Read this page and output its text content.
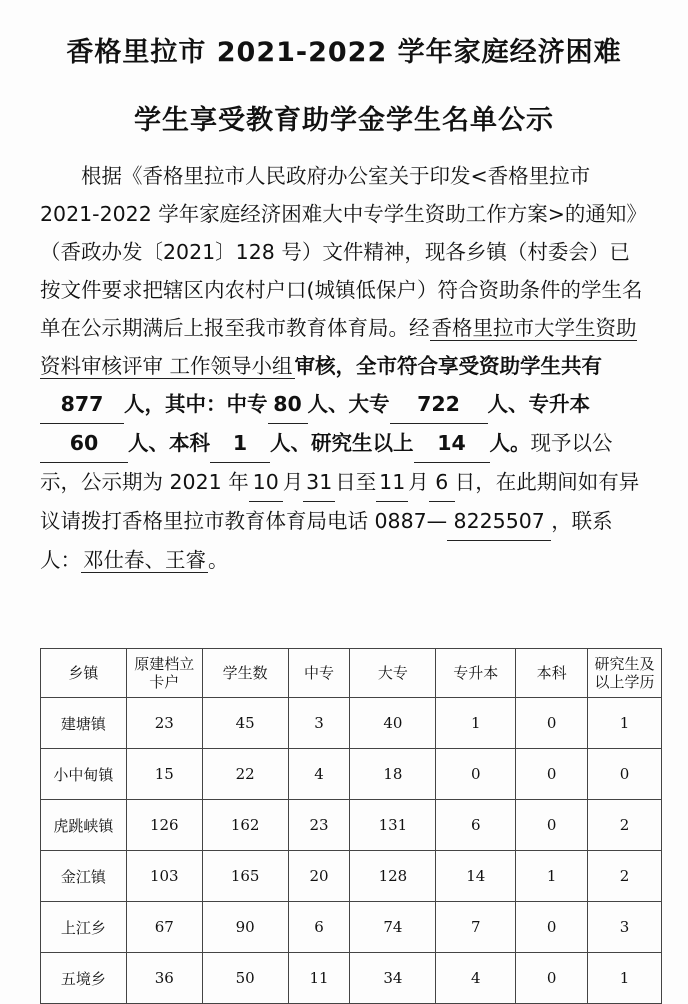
香格里拉市 2021-2022 学年家庭经济困难
学生享受教育助学金学生名单公示
根据《香格里拉市人民政府办公室关于印发<香格里拉市 2021-2022 学年家庭经济困难大中专学生资助工作方案>的通知》（香政办发〔2021〕128 号）文件精神，现各乡镇（村委会）已按文件要求把辖区内农村户口(城镇低保户）符合资助条件的学生名单在公示期满后上报至我市教育体育局。经香格里拉市大学生资助资料审核评审 工作领导小组审核，全市符合享受资助学生共有877 人，其中：中专 80 人、大专 722 人、专升本60 人、本科 1 人、研究生以上 14 人。现予以公示，公示期为 2021 年 10 月 31 日至 11 月 6 日，在此期间如有异议请拨打香格里拉市教育体育局电话 0887— 8225507 ，联系人：邓仕春、王睿。
乡镇	原建档立卡户	学生数	中专	大专	专升本	本科	研究生及以上学历
建塘镇	23	45	3	40	1	0	1
小中甸镇	15	22	4	18	0	0	0
虎跳峡镇	126	162	23	131	6	0	2
金江镇	103	165	20	128	14	1	2
上江乡	67	90	6	74	7	0	3
五境乡	36	50	11	34	4	0	1
